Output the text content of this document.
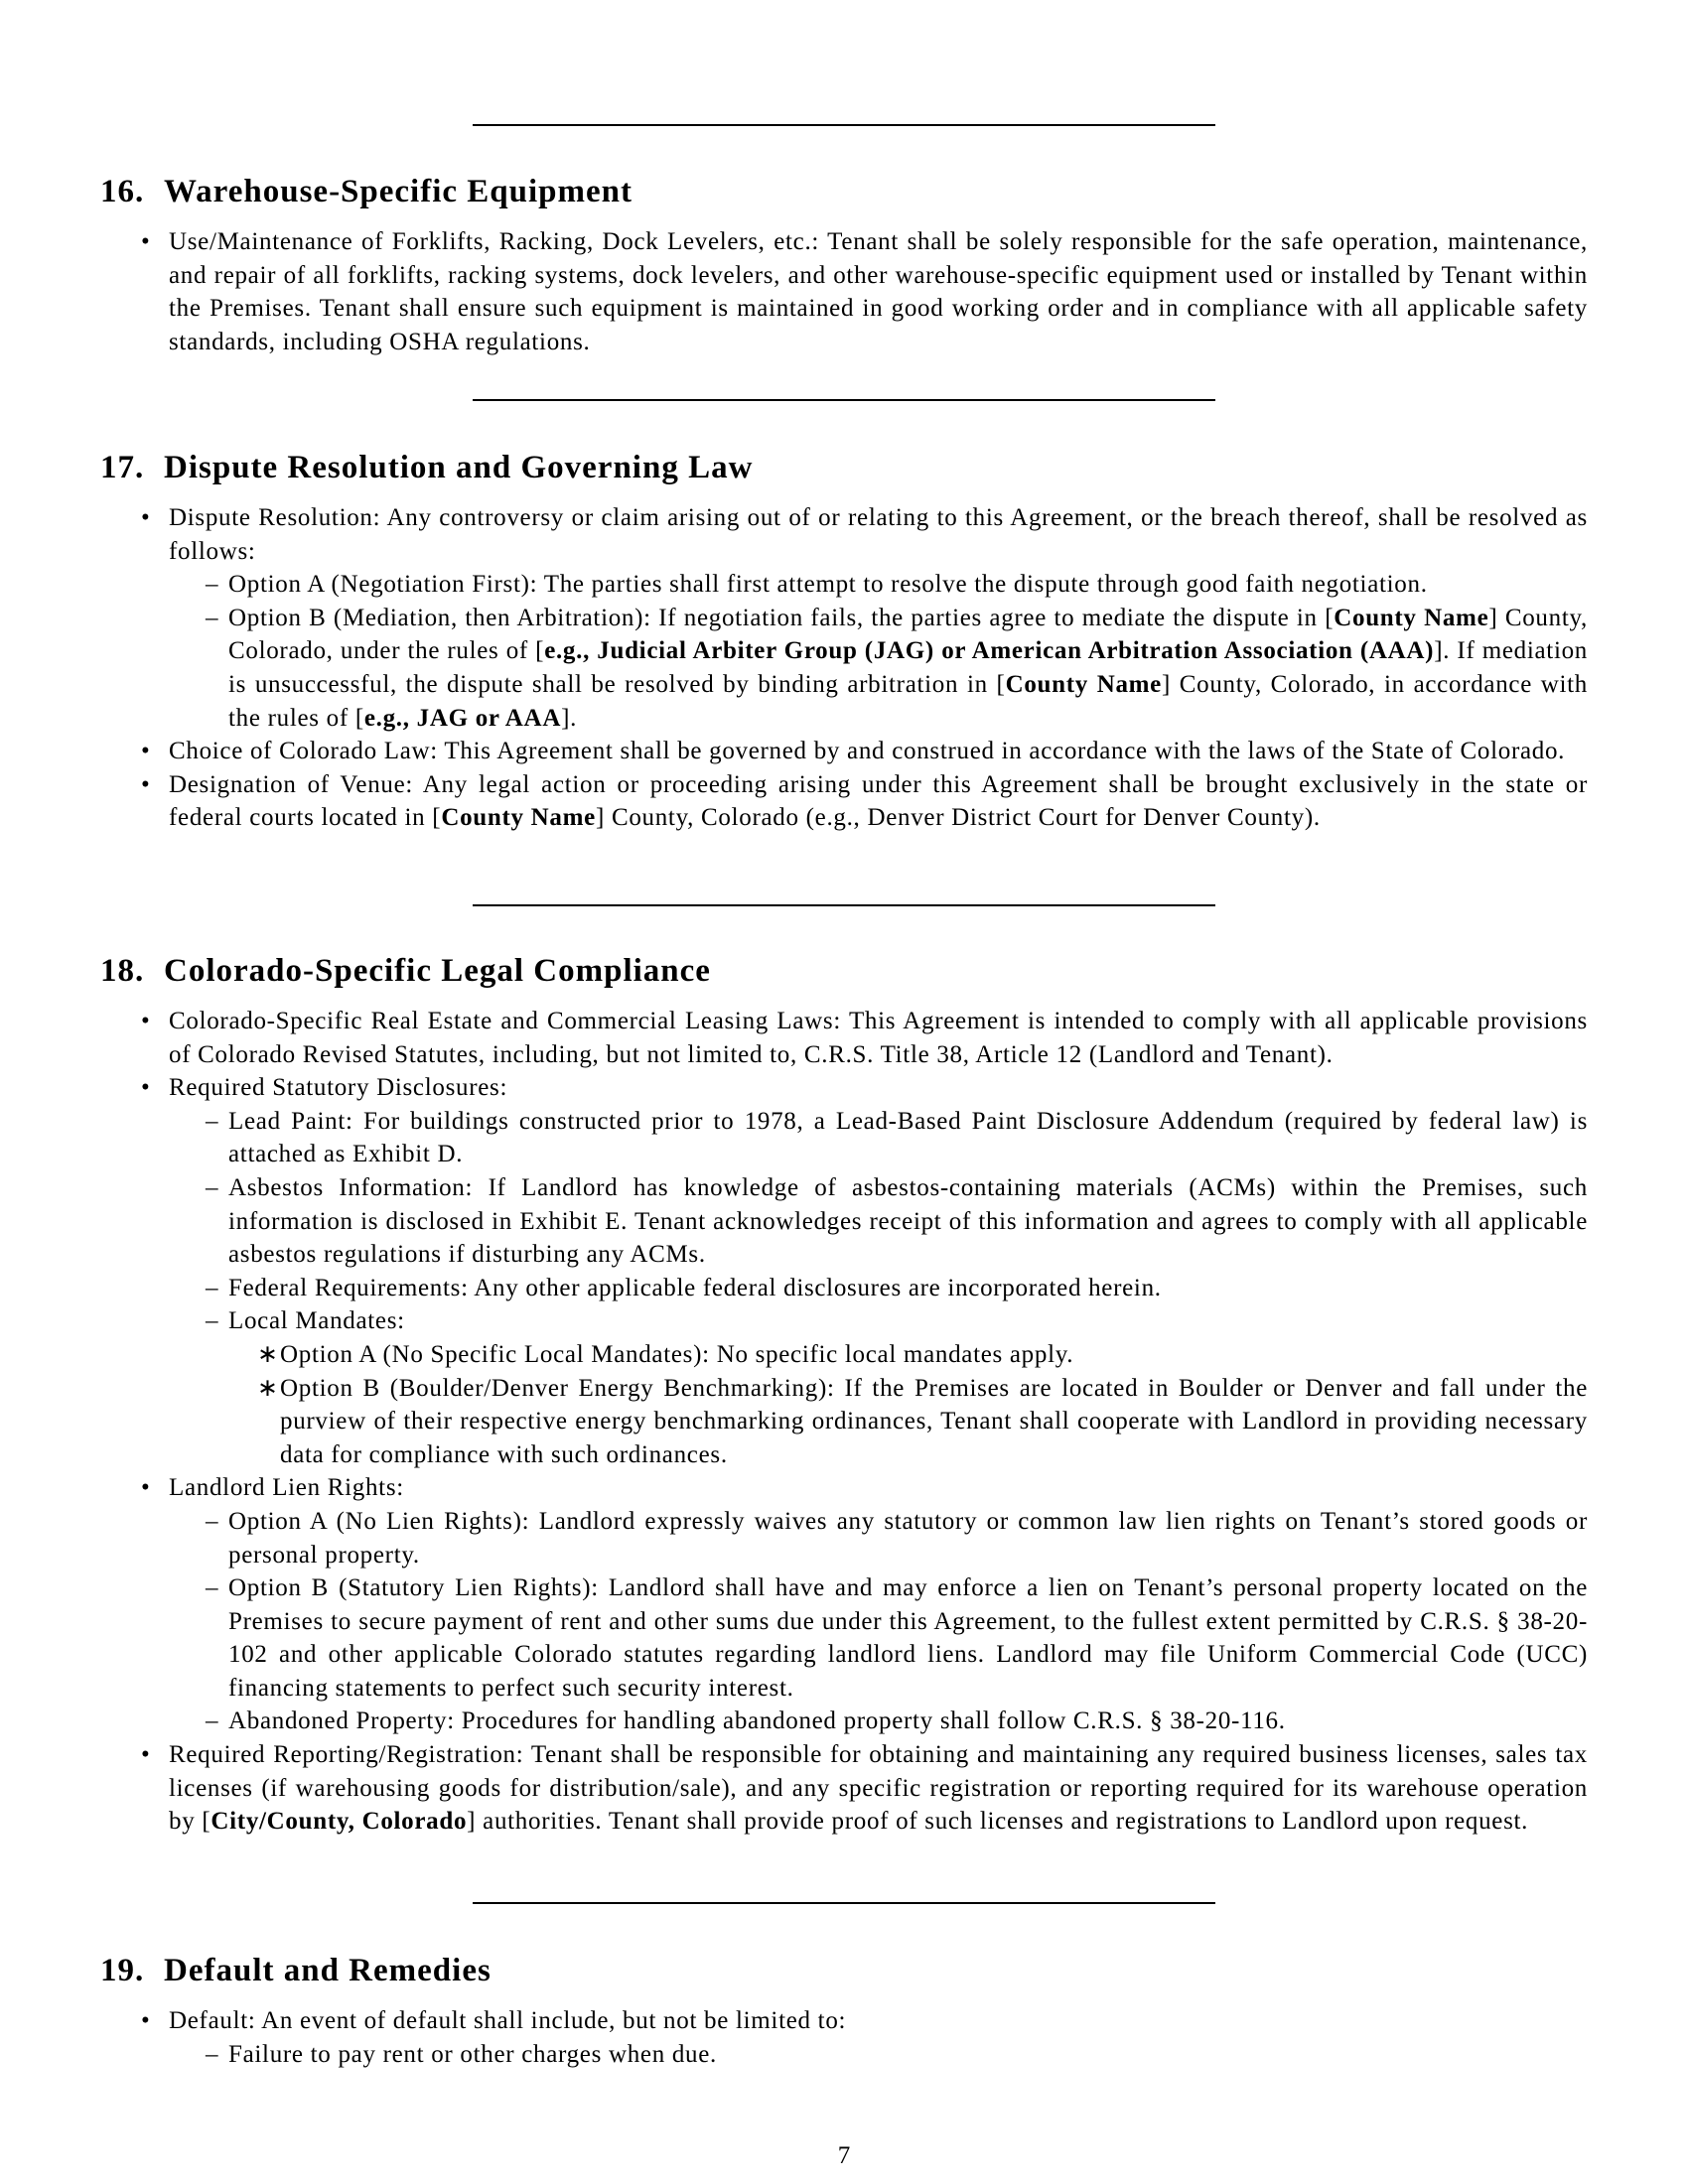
16. Warehouse-Specific Equipment
• Use/Maintenance of Forklifts, Racking, Dock Levelers, etc.: Tenant shall be solely responsible for the safe operation, maintenance, and repair of all forklifts, racking systems, dock levelers, and other warehouse-specific equipment used or installed by Tenant within the Premises. Tenant shall ensure such equipment is maintained in good working order and in compliance with all applicable safety standards, including OSHA regulations.
17. Dispute Resolution and Governing Law
• Dispute Resolution: Any controversy or claim arising out of or relating to this Agreement, or the breach thereof, shall be resolved as follows:
– Option A (Negotiation First): The parties shall first attempt to resolve the dispute through good faith negotiation.
– Option B (Mediation, then Arbitration): If negotiation fails, the parties agree to mediate the dispute in [County Name] County, Colorado, under the rules of [e.g., Judicial Arbiter Group (JAG) or American Arbitration Association (AAA)]. If mediation is unsuccessful, the dispute shall be resolved by binding arbitration in [County Name] County, Colorado, in accordance with the rules of [e.g., JAG or AAA].
• Choice of Colorado Law: This Agreement shall be governed by and construed in accordance with the laws of the State of Colorado.
• Designation of Venue: Any legal action or proceeding arising under this Agreement shall be brought exclusively in the state or federal courts located in [County Name] County, Colorado (e.g., Denver District Court for Denver County).
18. Colorado-Specific Legal Compliance
• Colorado-Specific Real Estate and Commercial Leasing Laws: This Agreement is intended to comply with all applicable provisions of Colorado Revised Statutes, including, but not limited to, C.R.S. Title 38, Article 12 (Landlord and Tenant).
• Required Statutory Disclosures:
– Lead Paint: For buildings constructed prior to 1978, a Lead-Based Paint Disclosure Addendum (required by federal law) is attached as Exhibit D.
– Asbestos Information: If Landlord has knowledge of asbestos-containing materials (ACMs) within the Premises, such information is disclosed in Exhibit E. Tenant acknowledges receipt of this information and agrees to comply with all applicable asbestos regulations if disturbing any ACMs.
– Federal Requirements: Any other applicable federal disclosures are incorporated herein.
– Local Mandates:
∗ Option A (No Specific Local Mandates): No specific local mandates apply.
∗ Option B (Boulder/Denver Energy Benchmarking): If the Premises are located in Boulder or Denver and fall under the purview of their respective energy benchmarking ordinances, Tenant shall cooperate with Landlord in providing necessary data for compliance with such ordinances.
• Landlord Lien Rights:
– Option A (No Lien Rights): Landlord expressly waives any statutory or common law lien rights on Tenant’s stored goods or personal property.
– Option B (Statutory Lien Rights): Landlord shall have and may enforce a lien on Tenant’s personal property located on the Premises to secure payment of rent and other sums due under this Agreement, to the fullest extent permitted by C.R.S. § 38-20-102 and other applicable Colorado statutes regarding landlord liens. Landlord may file Uniform Commercial Code (UCC) financing statements to perfect such security interest.
– Abandoned Property: Procedures for handling abandoned property shall follow C.R.S. § 38-20-116.
• Required Reporting/Registration: Tenant shall be responsible for obtaining and maintaining any required business licenses, sales tax licenses (if warehousing goods for distribution/sale), and any specific registration or reporting required for its warehouse operation by [City/County, Colorado] authorities. Tenant shall provide proof of such licenses and registrations to Landlord upon request.
19. Default and Remedies
• Default: An event of default shall include, but not be limited to:
– Failure to pay rent or other charges when due.
7
